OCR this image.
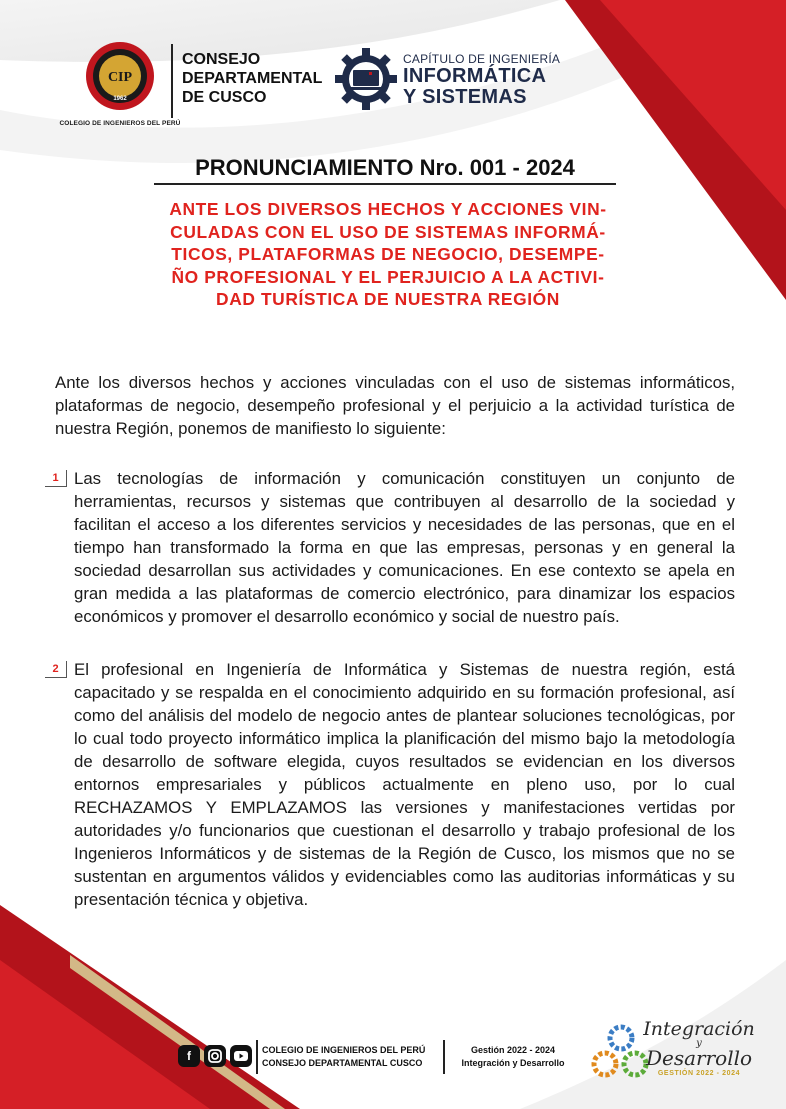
CIP
1962
COLEGIO DE INGENIEROS DEL PERÚ
CONSEJO
DEPARTAMENTAL
DE CUSCO
CAPÍTULO DE INGENIERÍA
INFORMÁTICA
Y SISTEMAS
PRONUNCIAMIENTO Nro. 001 - 2024
ANTE LOS DIVERSOS HECHOS Y ACCIONES VIN-
CULADAS CON EL USO DE SISTEMAS INFORMÁ-
TICOS, PLATAFORMAS DE NEGOCIO, DESEMPE-
ÑO PROFESIONAL Y EL PERJUICIO A LA ACTIVI-
DAD TURÍSTICA DE NUESTRA REGIÓN

Ante los diversos hechos y acciones vinculadas con el uso de sistemas informáticos, plataformas de negocio, desempeño profesional y el perjuicio a la actividad turística de nuestra Región, ponemos de manifiesto lo siguiente:

1 Las tecnologías de información y comunicación constituyen un conjunto de herramientas, recursos y sistemas que contribuyen al desarrollo de la sociedad y facilitan el acceso a los diferentes servicios y necesidades de las personas, que en el tiempo han transformado la forma en que las empresas, personas y en general la sociedad desarrollan sus actividades y comunicaciones. En ese contexto se apela en gran medida a las plataformas de comercio electrónico, para dinamizar los espacios económicos y promover el desarrollo económico y social de nuestro país.

2 El profesional en Ingeniería de Informática y Sistemas de nuestra región, está capacitado y se respalda en el conocimiento adquirido en su formación profesional, así como del análisis del modelo de negocio antes de plantear soluciones tecnológicas, por lo cual todo proyecto informático implica la planificación del mismo bajo la metodología de desarrollo de software elegida, cuyos resultados se evidencian en los diversos entornos empresariales y públicos actualmente en pleno uso, por lo cual RECHAZAMOS Y EMPLAZAMOS las versiones y manifestaciones vertidas por autoridades y/o funcionarios que cuestionan el desarrollo y trabajo profesional de los Ingenieros Informáticos y de sistemas de la Región de Cusco, los mismos que no se sustentan en argumentos válidos y evidenciables como las auditorias informáticas y su presentación técnica y objetiva.

f	COLEGIO DE INGENIEROS DEL PERÚ
CONSEJO DEPARTAMENTAL CUSCO
Gestión 2022 - 2024
Integración y Desarrollo
Integración
y
Desarrollo
GESTIÓN 2022 - 2024
